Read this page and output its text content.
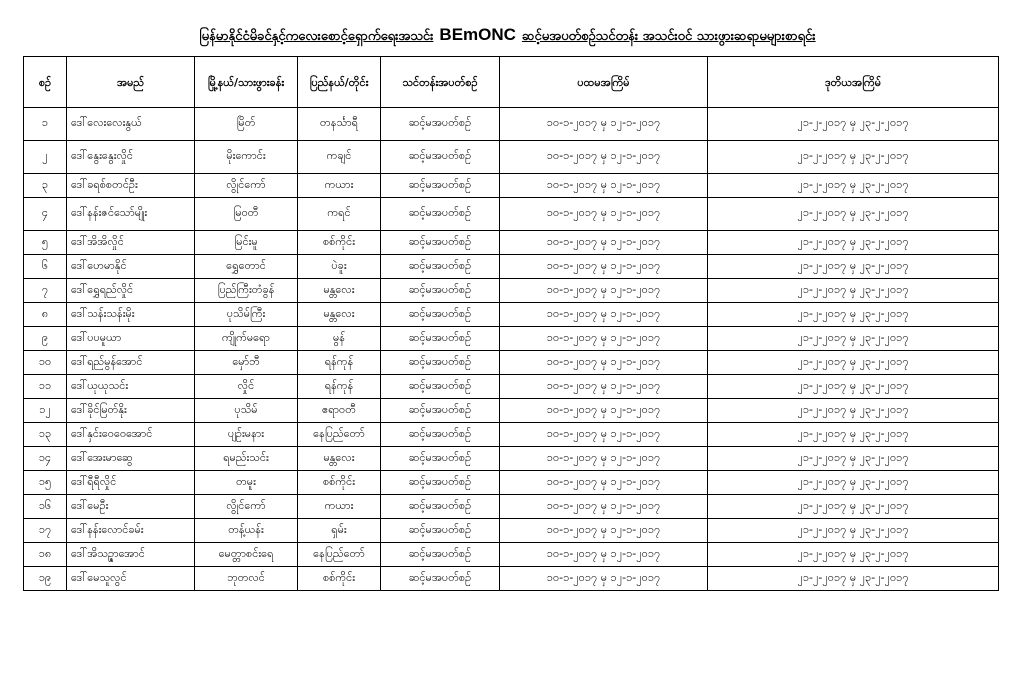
မြန်မာနိုင်ငံမိခင်နှင့်ကလေးစောင့်ရှောက်ရေးအသင်း BEmONC ဆင့်မအပတ်စဉ်သင်တန်း အသင်းဝင် သားဖွားဆရာမများစာရင်း
စဉ်	အမည်	မြို့နယ်/သားဖွားခန်း	ပြည်နယ်/တိုင်း	သင်တန်းအပတ်စဉ်	ပထမအကြိမ်	ဒုတိယအကြိမ်
၁	ဒေါ်လေးလေးနွယ်	မြိတ်	တနင်္သာရီ	ဆင့်မအပတ်စဉ်	၁၀-၁-၂၀၁၇ မှ ၁၂-၁-၂၀၁၇	၂၁-၂-၂၀၁၇ မှ ၂၃-၂-၂၀၁၇
၂	ဒေါ်နွေးနွေးလှိုင်	မိုးကောင်း	ကချင်	ဆင့်မအပတ်စဉ်	၁၀-၁-၂၀၁၇ မှ ၁၂-၁-၂၀၁၇	၂၁-၂-၂၀၁၇ မှ ၂၃-၂-၂၀၁၇
၃	ဒေါ်ခရစ်စတင်ဦး	လွိုင်ကော်	ကယား	ဆင့်မအပတ်စဉ်	၁၀-၁-၂၀၁၇ မှ ၁၂-၁-၂၀၁၇	၂၁-၂-၂၀၁၇ မှ ၂၃-၂-၂၀၁၇
၄	ဒေါ်နန်းဇင်သော်မျိုး	မြဝတီ	ကရင်	ဆင့်မအပတ်စဉ်	၁၀-၁-၂၀၁၇ မှ ၁၂-၁-၂၀၁၇	၂၁-၂-၂၀၁၇ မှ ၂၃-၂-၂၀၁၇
၅	ဒေါ်အိအိလှိုင်	မြင်းမူ	စစ်ကိုင်း	ဆင့်မအပတ်စဉ်	၁၀-၁-၂၀၁၇ မှ ၁၂-၁-၂၀၁၇	၂၁-၂-၂၀၁၇ မှ ၂၃-၂-၂၀၁၇
၆	ဒေါ်ဟေမာနိုင်	ရွှေတောင်	ပဲခူး	ဆင့်မအပတ်စဉ်	၁၀-၁-၂၀၁၇ မှ ၁၂-၁-၂၀၁၇	၂၁-၂-၂၀၁၇ မှ ၂၃-၂-၂၀၁၇
၇	ဒေါ်ရွှေရည်လှိုင်	ပြည်ကြီးတံခွန်	မန္တလေး	ဆင့်မအပတ်စဉ်	၁၀-၁-၂၀၁၇ မှ ၁၂-၁-၂၀၁၇	၂၁-၂-၂၀၁၇ မှ ၂၃-၂-၂၀၁၇
၈	ဒေါ်သန်းသန်းမိုး	ပုသိမ်ကြီး	မန္တလေး	ဆင့်မအပတ်စဉ်	၁၀-၁-၂၀၁၇ မှ ၁၂-၁-၂၀၁၇	၂၁-၂-၂၀၁၇ မှ ၂၃-၂-၂၀၁၇
၉	ဒေါ်ပပမူယာ	ကျိုက်မရော	မွန်	ဆင့်မအပတ်စဉ်	၁၀-၁-၂၀၁၇ မှ ၁၂-၁-၂၀၁၇	၂၁-၂-၂၀၁၇ မှ ၂၃-၂-၂၀၁၇
၁၀	ဒေါ်ရည်မွန်အောင်	မှော်ဘီ	ရန်ကုန်	ဆင့်မအပတ်စဉ်	၁၀-၁-၂၀၁၇ မှ ၁၂-၁-၂၀၁၇	၂၁-၂-၂၀၁၇ မှ ၂၃-၂-၂၀၁၇
၁၁	ဒေါ်ယုယုသင်း	လှိုင်	ရန်ကုန်	ဆင့်မအပတ်စဉ်	၁၀-၁-၂၀၁၇ မှ ၁၂-၁-၂၀၁၇	၂၁-၂-၂၀၁၇ မှ ၂၃-၂-၂၀၁၇
၁၂	ဒေါ်ခိုင်မြတ်နိုး	ပုသိမ်	ဧရာဝတီ	ဆင့်မအပတ်စဉ်	၁၀-၁-၂၀၁၇ မှ ၁၂-၁-၂၀၁၇	၂၁-၂-၂၀၁၇ မှ ၂၃-၂-၂၀၁၇
၁၃	ဒေါ်နှင်းဝေဝေအောင်	ပျဉ်းမနား	နေပြည်တော်	ဆင့်မအပတ်စဉ်	၁၀-၁-၂၀၁၇ မှ ၁၂-၁-၂၀၁၇	၂၁-၂-၂၀၁၇ မှ ၂၃-၂-၂၀၁၇
၁၄	ဒေါ်အေးမာဆွေ	ရမည်းသင်း	မန္တလေး	ဆင့်မအပတ်စဉ်	၁၀-၁-၂၀၁၇ မှ ၁၂-၁-၂၀၁၇	၂၁-၂-၂၀၁၇ မှ ၂၃-၂-၂၀၁၇
၁၅	ဒေါ်ရီရီလှိုင်	တမူး	စစ်ကိုင်း	ဆင့်မအပတ်စဉ်	၁၀-၁-၂၀၁၇ မှ ၁၂-၁-၂၀၁၇	၂၁-၂-၂၀၁၇ မှ ၂၃-၂-၂၀၁၇
၁၆	ဒေါ်မေဦး	လွိုင်ကော်	ကယား	ဆင့်မအပတ်စဉ်	၁၀-၁-၂၀၁၇ မှ ၁၂-၁-၂၀၁၇	၂၁-၂-၂၀၁၇ မှ ၂၃-၂-၂၀၁၇
၁၇	ဒေါ်နန်းလောင်ခမ်း	တန့်ယန်း	ရှမ်း	ဆင့်မအပတ်စဉ်	၁၀-၁-၂၀၁၇ မှ ၁၂-၁-၂၀၁၇	၂၁-၂-၂၀၁၇ မှ ၂၃-၂-၂၀၁၇
၁၈	ဒေါ်အိသဉ္ဇာအောင်	မေတ္တာစင်းရေ	နေပြည်တော်	ဆင့်မအပတ်စဉ်	၁၀-၁-၂၀၁၇ မှ ၁၂-၁-၂၀၁၇	၂၁-၂-၂၀၁၇ မှ ၂၃-၂-၂၀၁၇
၁၉	ဒေါ်မေသူလွင်	ဘုတလင်	စစ်ကိုင်း	ဆင့်မအပတ်စဉ်	၁၀-၁-၂၀၁၇ မှ ၁၂-၁-၂၀၁၇	၂၁-၂-၂၀၁၇ မှ ၂၃-၂-၂၀၁၇
